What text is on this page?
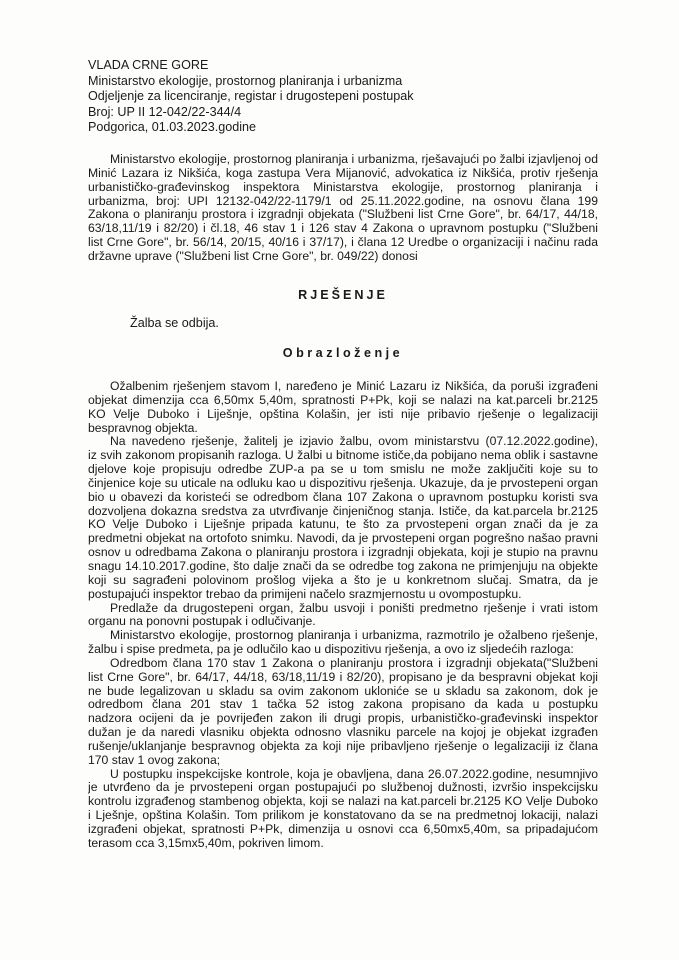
VLADA CRNE GORE
Ministarstvo ekologije, prostornog planiranja i urbanizma
Odjeljenje za licenciranje, registar i drugostepeni postupak
Broj: UP II 12-042/22-344/4
Podgorica, 01.03.2023.godine
Ministarstvo ekologije, prostornog planiranja i urbanizma, rješavajući po žalbi izjavljenoj od
Minić Lazara iz Nikšića, koga zastupa Vera Mijanović, advokatica iz Nikšića, protiv rješenja
urbanističko-građevinskog inspektora Ministarstva ekologije, prostornog planiranja i
urbanizma, broj: UPI 12132-042/22-1179/1 od 25.11.2022.godine, na osnovu člana 199
Zakona o planiranju prostora i izgradnji objekata ("Službeni list Crne Gore", br. 64/17, 44/18,
63/18,11/19 i 82/20) i čl.18, 46 stav 1 i 126 stav 4 Zakona o upravnom postupku ("Službeni
list Crne Gore", br. 56/14, 20/15, 40/16 i 37/17), i člana 12 Uredbe o organizaciji i načinu rada
državne uprave ("Službeni list Crne Gore", br. 049/22) donosi
RJEŠENJE
Žalba se odbija.
Obrazloženje
Ožalbenim rješenjem stavom I, naređeno je Minić Lazaru iz Nikšića, da poruši izgrađeni
objekat dimenzija cca 6,50mx 5,40m, spratnosti P+Pk, koji se nalazi na kat.parceli br.2125
KO Velje Duboko i Liješnje, opština Kolašin, jer isti nije pribavio rješenje o legalizaciji
bespravnog objekta.
Na navedeno rješenje, žalitelj je izjavio žalbu, ovom ministarstvu (07.12.2022.godine),
iz svih zakonom propisanih razloga. U žalbi u bitnome ističe,da pobijano nema oblik i sastavne
djelove koje propisuju odredbe ZUP-a pa se u tom smislu ne može zaključiti koje su to
činjenice koje su uticale na odluku kao u dispozitivu rješenja. Ukazuje, da je prvostepeni organ
bio u obavezi da koristeći se odredbom člana 107 Zakona o upravnom postupku koristi sva
dozvoljena dokazna sredstva za utvrđivanje činjeničnog stanja. Ističe, da kat.parcela br.2125
KO Velje Duboko i Liješnje pripada katunu, te što za prvostepeni organ znači da je za
predmetni objekat na ortofoto snimku. Navodi, da je prvostepeni organ pogrešno našao pravni
osnov u odredbama Zakona o planiranju prostora i izgradnji objekata, koji je stupio na pravnu
snagu 14.10.2017.godine, što dalje znači da se odredbe tog zakona ne primjenjuju na objekte
koji su sagrađeni polovinom prošlog vijeka a što je u konkretnom slučaj. Smatra, da je
postupajući inspektor trebao da primijeni načelo srazmjernostu u ovompostupku.
Predlaže da drugostepeni organ, žalbu usvoji i poništi predmetno rješenje i vrati istom
organu na ponovni postupak i odlučivanje.
Ministarstvo ekologije, prostornog planiranja i urbanizma, razmotrilo je ožalbeno rješenje,
žalbu i spise predmeta, pa je odlučilo kao u dispozitivu rješenja, a ovo iz sljedećih razloga:
Odredbom člana 170 stav 1 Zakona o planiranju prostora i izgradnji objekata("Službeni
list Crne Gore", br. 64/17, 44/18, 63/18,11/19 i 82/20), propisano je da bespravni objekat koji
ne bude legalizovan u skladu sa ovim zakonom ukloniće se u skladu sa zakonom, dok je
odredbom člana 201 stav 1 tačka 52 istog zakona propisano da kada u postupku
nadzora ocijeni da je povrijeđen zakon ili drugi propis, urbanističko-građevinski inspektor
dužan je da naredi vlasniku objekta odnosno vlasniku parcele na kojoj je objekat izgrađen
rušenje/uklanjanje bespravnog objekta za koji nije pribavljeno rješenje o legalizaciji iz člana
170 stav 1 ovog zakona;
U postupku inspekcijske kontrole, koja je obavljena, dana 26.07.2022.godine, nesumnjivo
je utvrđeno da je prvostepeni organ postupajući po službenoj dužnosti, izvršio inspekcijsku
kontrolu izgrađenog stambenog objekta, koji se nalazi na kat.parceli br.2125 KO Velje Duboko
i Lješnje, opština Kolašin. Tom prilikom je konstatovano da se na predmetnoj lokaciji, nalazi
izgrađeni objekat, spratnosti P+Pk, dimenzija u osnovi cca 6,50mx5,40m, sa pripadajućom
terasom cca 3,15mx5,40m, pokriven limom.
